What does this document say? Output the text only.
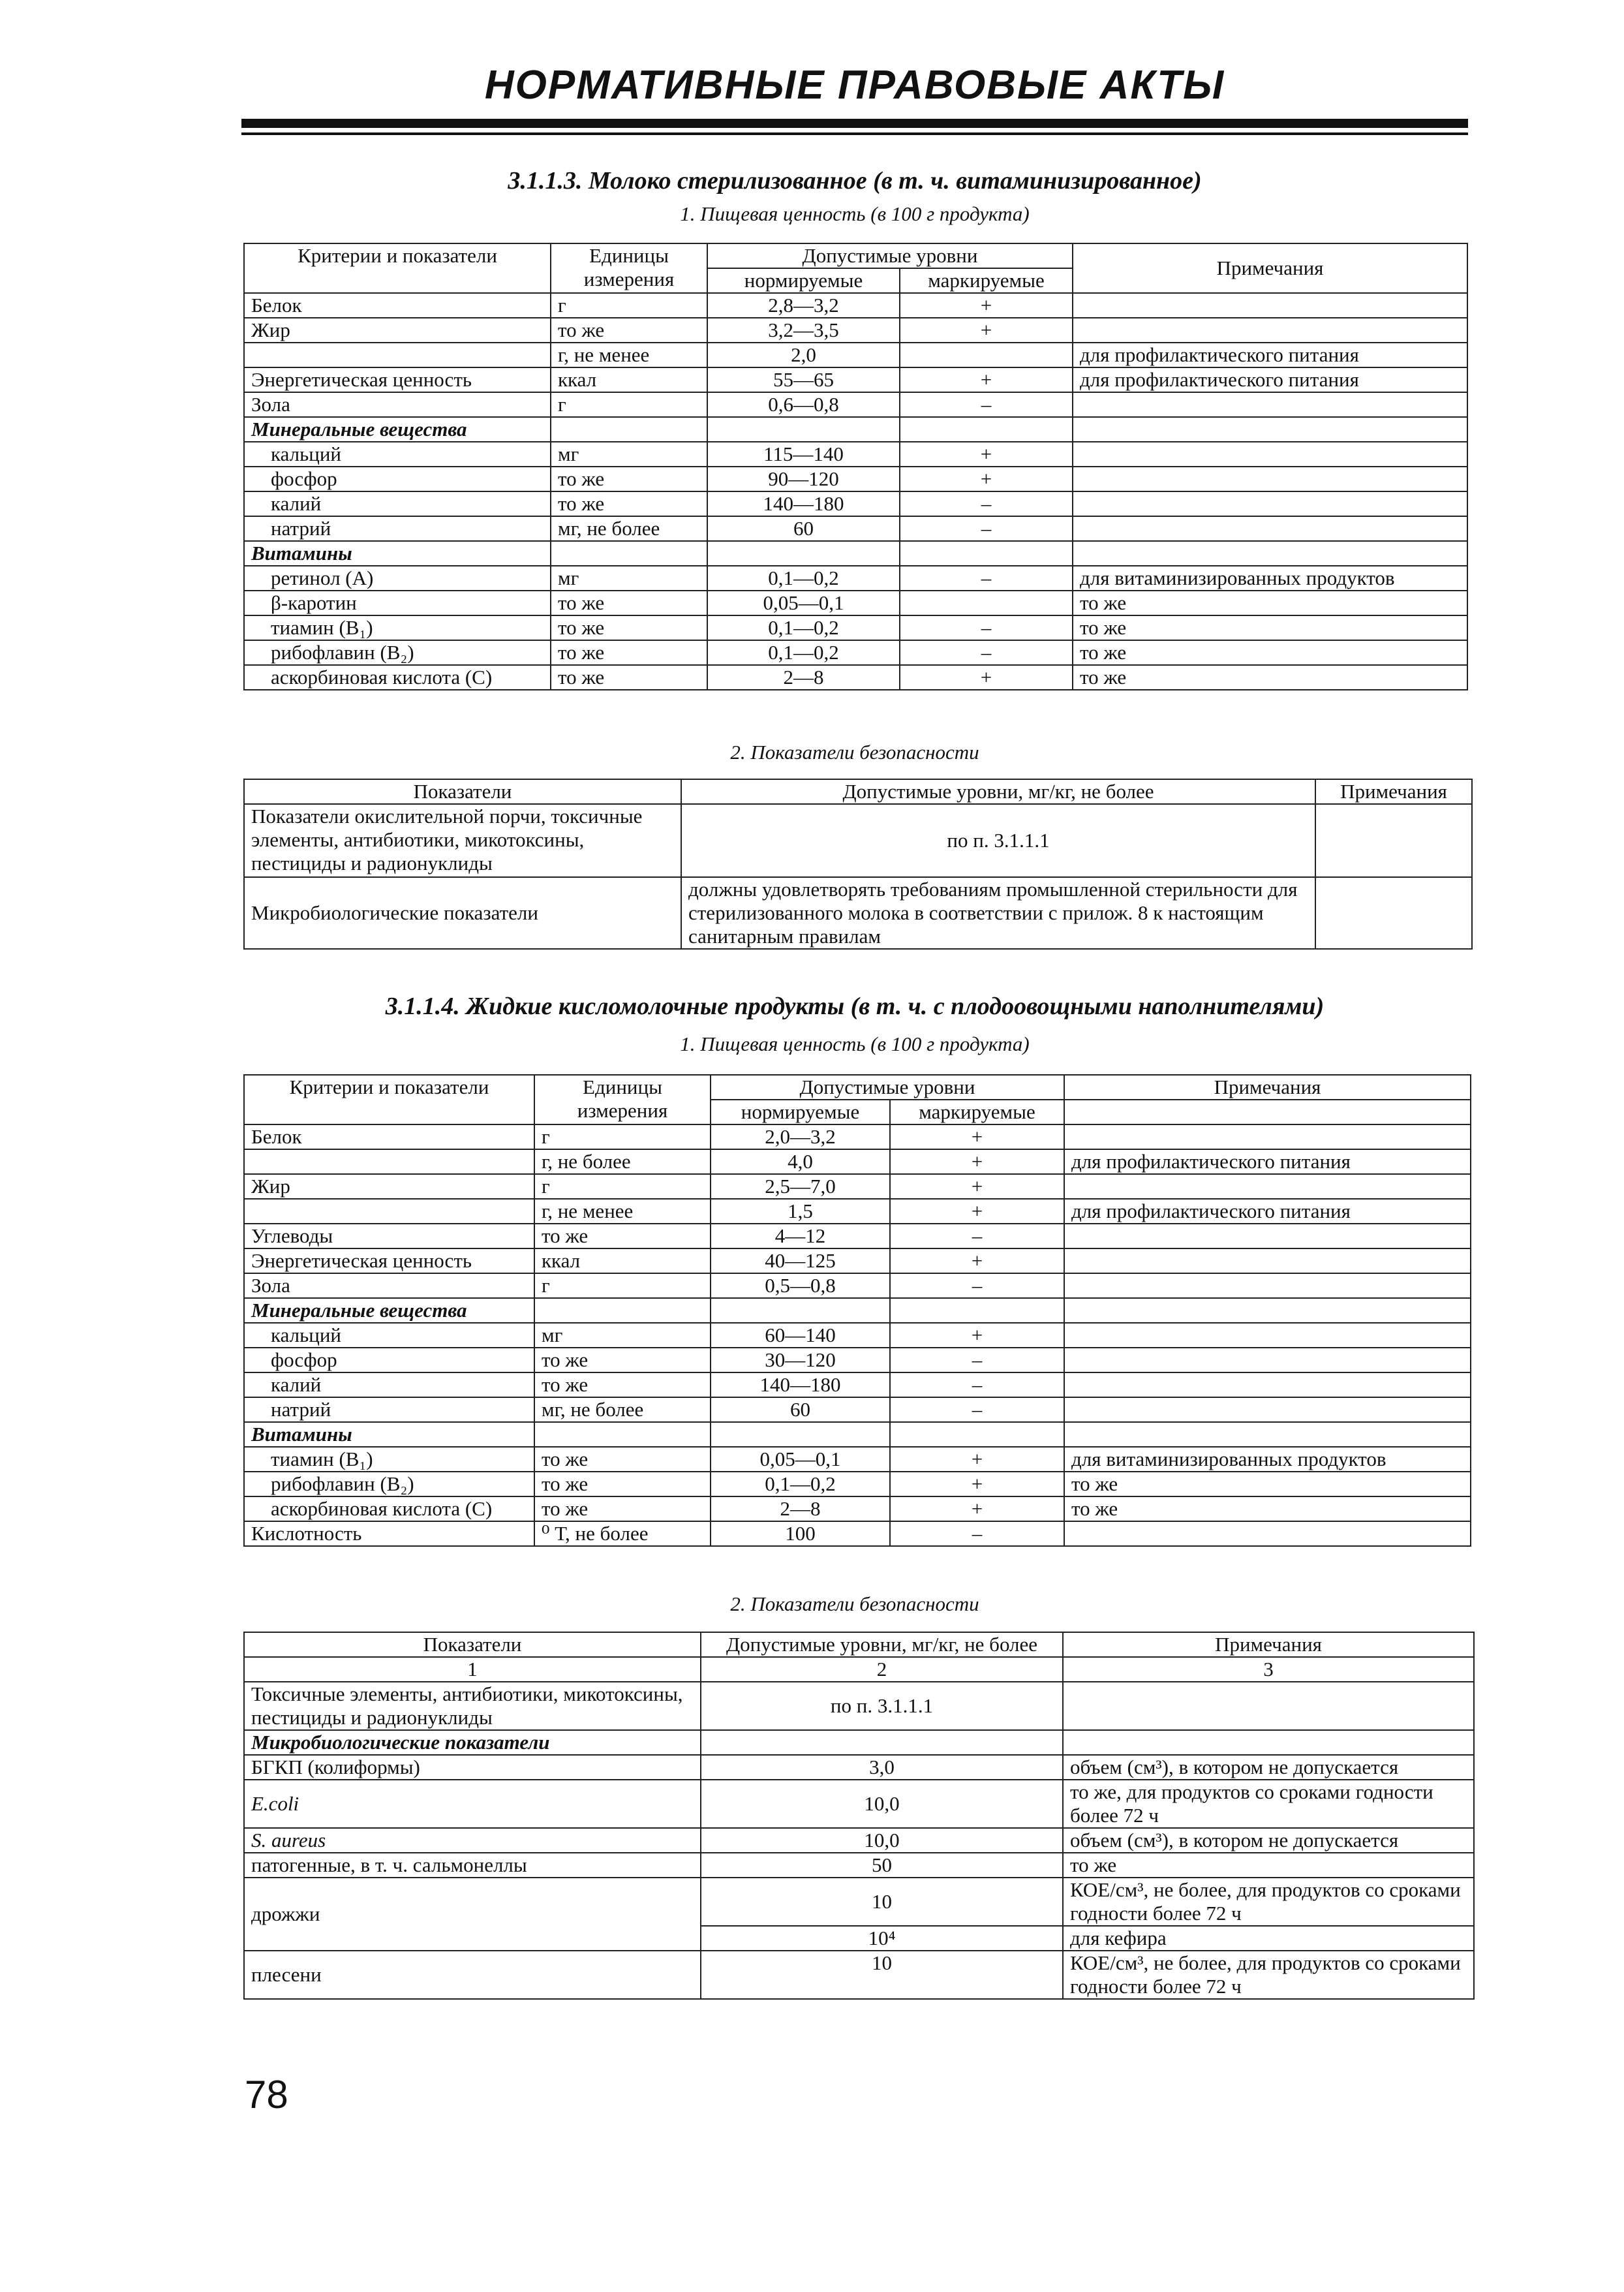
НОРМАТИВНЫЕ ПРАВОВЫЕ АКТЫ
3.1.1.3. Молоко стерилизованное (в т. ч. витаминизированное)
1. Пищевая ценность (в 100 г продукта)
Критерии и показатели	Единицы измерения	Допустимые уровни		Примечания
		нормируемые	маркируемые	
Белок	г	2,8—3,2	+	
Жир	то же	3,2—3,5	+	
	г, не менее	2,0		для профилактического питания
Энергетическая ценность	ккал	55—65	+	для профилактического питания
Зола	г	0,6—0,8	–	
Минеральные вещества				
кальций	мг	115—140	+	
фосфор	то же	90—120	+	
калий	то же	140—180	–	
натрий	мг, не более	60	–	
Витамины				
ретинол (А)	мг	0,1—0,2	–	для витаминизированных продуктов
β-каротин	то же	0,05—0,1		то же
тиамин (B₁)	то же	0,1—0,2	–	то же
рибофлавин (B₂)	то же	0,1—0,2	–	то же
аскорбиновая кислота (С)	то же	2—8	+	то же
2. Показатели безопасности
Показатели	Допустимые уровни, мг/кг, не более	Примечания
Показатели окислительной порчи, токсичные элементы, антибиотики, микотоксины, пестициды и радионуклиды	по п. 3.1.1.1	
Микробиологические показатели	должны удовлетворять требованиям промышленной стерильности для стерилизованного молока в соответствии с прилож. 8 к настоящим санитарным правилам	
3.1.1.4. Жидкие кисломолочные продукты (в т. ч. с плодоовощными наполнителями)
1. Пищевая ценность (в 100 г продукта)
Критерии и показатели	Единицы измерения	Допустимые уровни		Примечания
		нормируемые	маркируемые	
Белок	г	2,0—3,2	+	
	г, не более	4,0	+	для профилактического питания
Жир	г	2,5—7,0	+	
	г, не менее	1,5	+	для профилактического питания
Углеводы	то же	4—12	–	
Энергетическая ценность	ккал	40—125	+	
Зола	г	0,5—0,8	–	
Минеральные вещества				
кальций	мг	60—140	+	
фосфор	то же	30—120	–	
калий	то же	140—180	–	
натрий	мг, не более	60	–	
Витамины				
тиамин (B₁)	то же	0,05—0,1	+	для витаминизированных продуктов
рибофлавин (B₂)	то же	0,1—0,2	+	то же
аскорбиновая кислота (С)	то же	2—8	+	то же
Кислотность	⁰ Т, не более	100	–	
2. Показатели безопасности
Показатели	Допустимые уровни, мг/кг, не более	Примечания
1	2	3
Токсичные элементы, антибиотики, микотоксины, пестициды и радионуклиды	по п. 3.1.1.1	
Микробиологические показатели		
БГКП (колиформы)	3,0	объем (см³), в котором не допускается
E.coli	10,0	то же, для продуктов со сроками годности более 72 ч
S. aureus	10,0	объем (см³), в котором не допускается
патогенные, в т. ч. сальмонеллы	50	то же
дрожжи	10	КОЕ/см³, не более, для продуктов со сроками годности более 72 ч
	10⁴	для кефира
плесени	10	КОЕ/см³, не более, для продуктов со сроками годности более 72 ч
78
